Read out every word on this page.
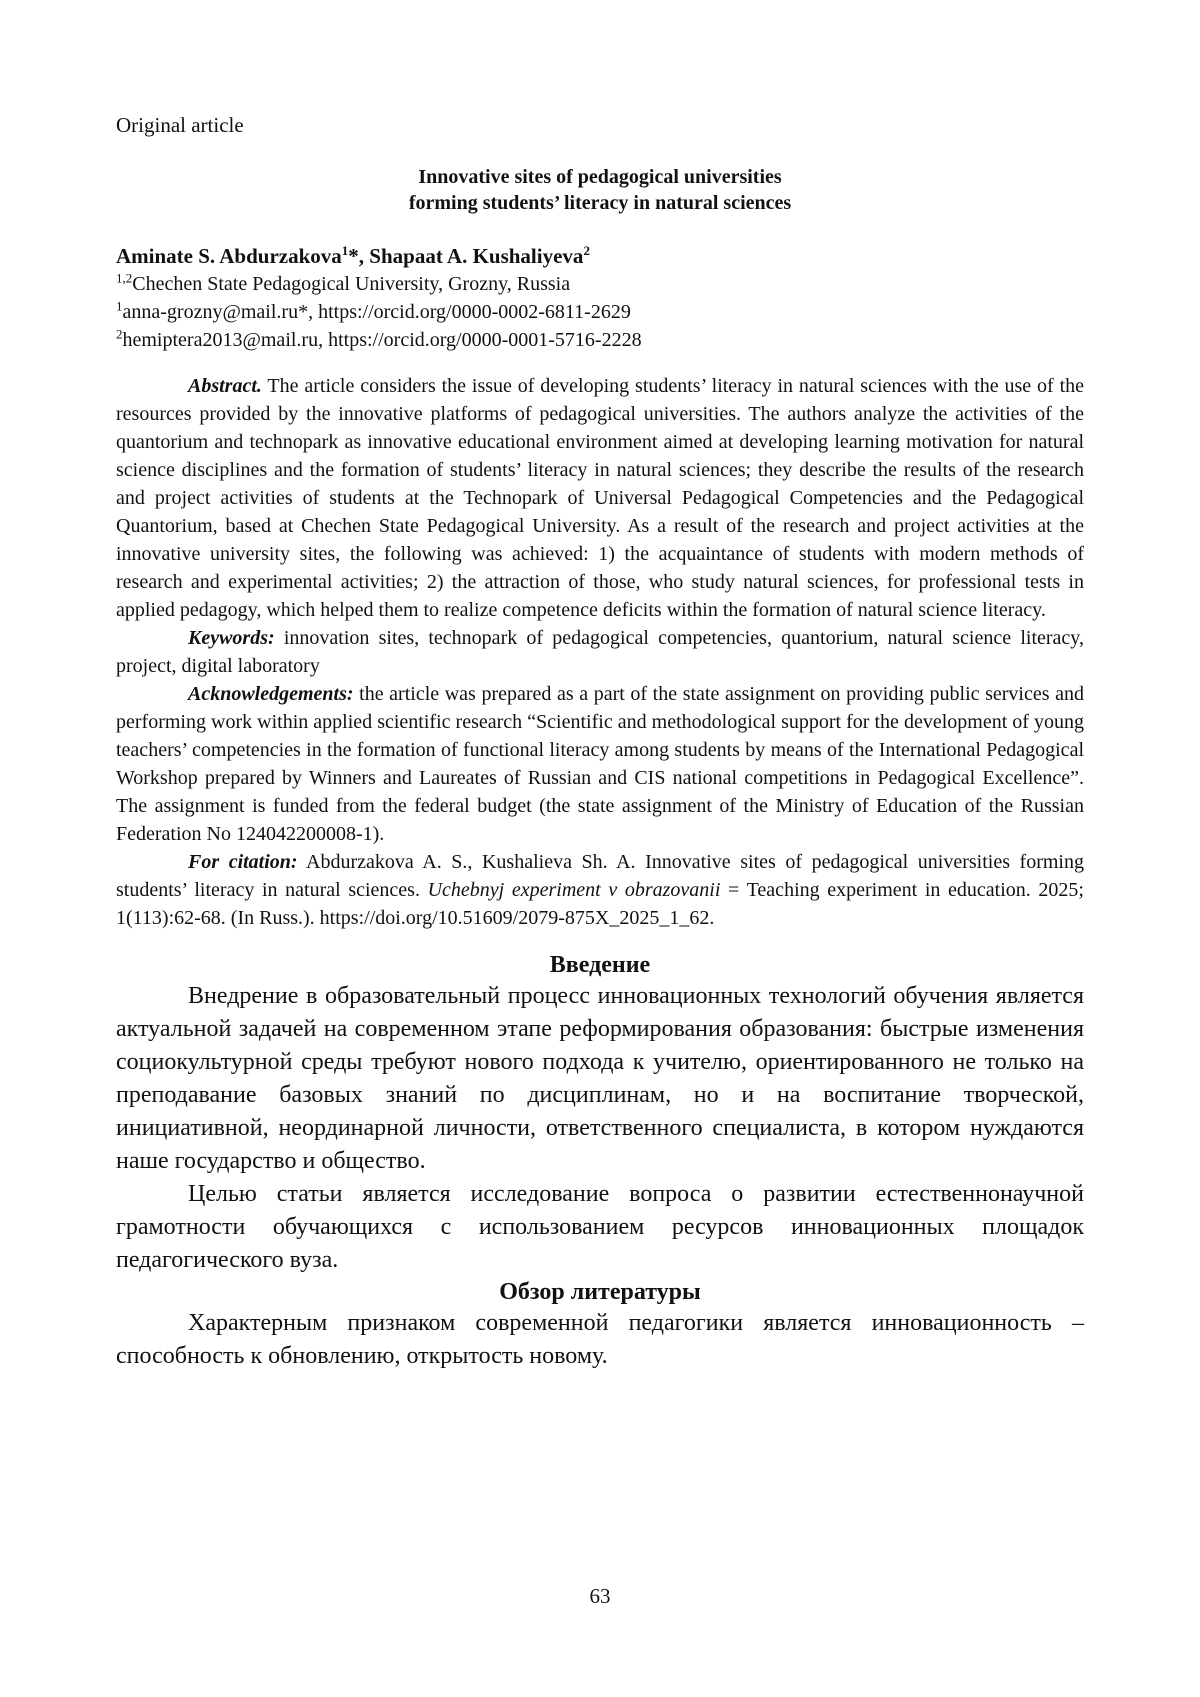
Original article
Innovative sites of pedagogical universities
forming students’ literacy in natural sciences
Aminate S. Abdurzakova$^1$*, Shapaat A. Kushaliyeva$^2$
$^{1,2}$Chechen State Pedagogical University, Grozny, Russia
$^1$anna-grozny@mail.ru*, https://orcid.org/0000-0002-6811-2629
$^2$hemiptera2013@mail.ru, https://orcid.org/0000-0001-5716-2228

Abstract. The article considers the issue of developing students’ literacy in natural sciences with the use of the resources provided by the innovative platforms of pedagogical universities. The authors analyze the activities of the quantorium and technopark as innovative educational environment aimed at developing learning motivation for natural science disciplines and the formation of students’ literacy in natural sciences; they describe the results of the research and project activities of students at the Technopark of Universal Pedagogical Competencies and the Pedagogical Quantorium, based at Chechen State Pedagogical University. As a result of the research and project activities at the innovative university sites, the following was achieved: 1) the acquaintance of students with modern methods of research and experimental activities; 2) the attraction of those, who study natural sciences, for professional tests in applied pedagogy, which helped them to realize competence deficits within the formation of natural science literacy.

Keywords: innovation sites, technopark of pedagogical competencies, quantorium, natural science literacy, project, digital laboratory

Acknowledgements: the article was prepared as a part of the state assignment on providing public services and performing work within applied scientific research “Scientific and methodological support for the development of young teachers’ competencies in the formation of functional literacy among students by means of the International Pedagogical Workshop prepared by Winners and Laureates of Russian and CIS national competitions in Pedagogical Excellence”. The assignment is funded from the federal budget (the state assignment of the Ministry of Education of the Russian Federation No 124042200008-1).

For citation: Abdurzakova A. S., Kushalieva Sh. A. Innovative sites of pedagogical universities forming students’ literacy in natural sciences. Uchebnyj experiment v obrazovanii = Teaching experiment in education. 2025; 1(113):62-68. (In Russ.). https://doi.org/10.51609/2079-875X_2025_1_62.

Введение

Внедрение в образовательный процесс инновационных технологий обучения является актуальной задачей на современном этапе реформирования образования: быстрые изменения социокультурной среды требуют нового подхода к учителю, ориентированного не только на преподавание базовых знаний по дисциплинам, но и на воспитание творческой, инициативной, неординарной личности, ответственного специалиста, в котором нуждаются наше государство и общество.

Целью статьи является исследование вопроса о развитии естественнонаучной грамотности обучающихся с использованием ресурсов инновационных площадок педагогического вуза.

Обзор литературы

Характерным признаком современной педагогики является инновационность – способность к обновлению, открытость новому.

63
